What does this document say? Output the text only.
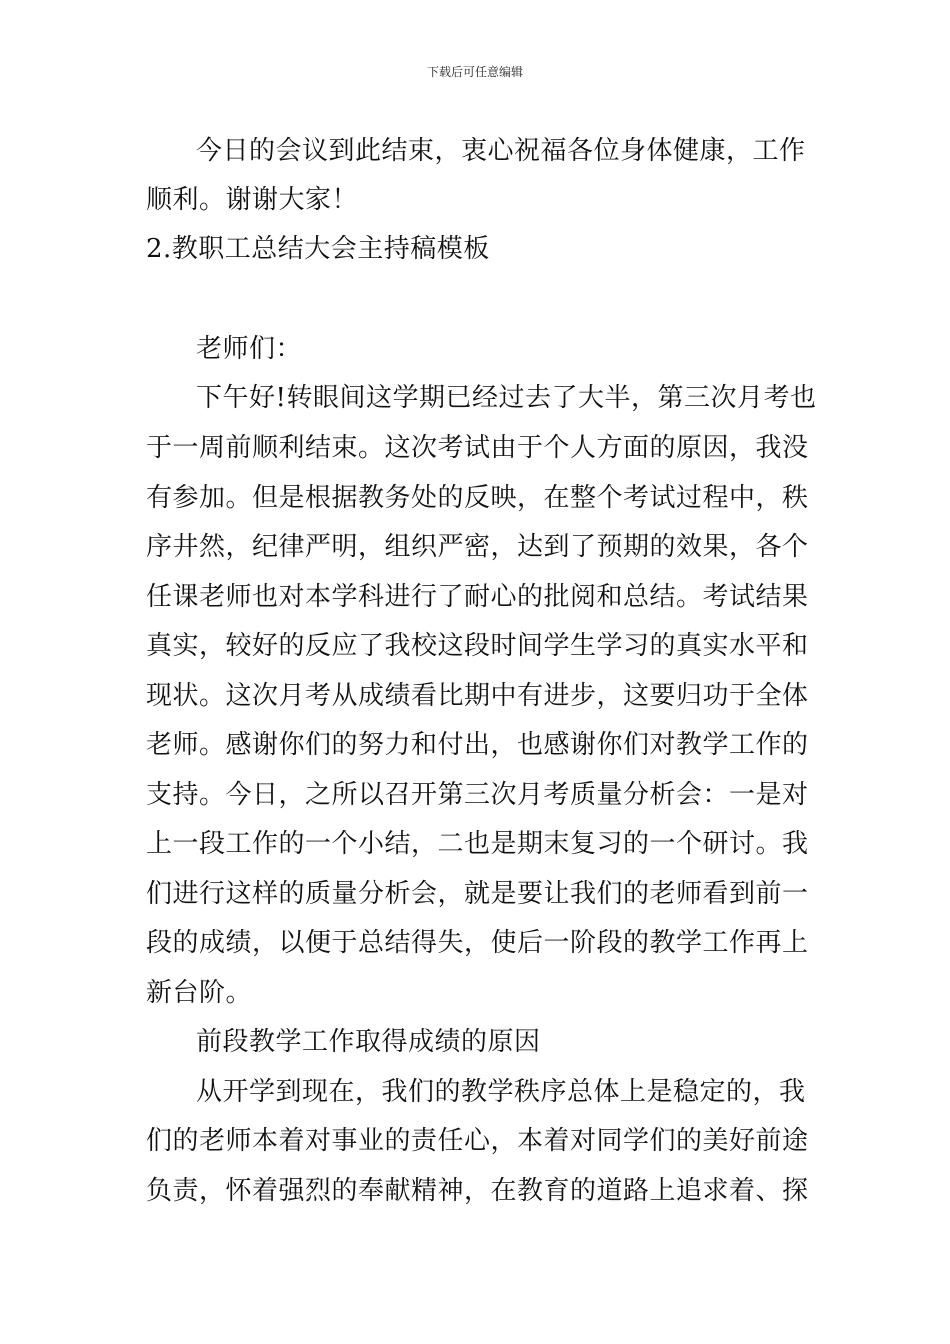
下载后可任意编辑
今日的会议到此结束，衷心祝福各位身体健康，工作
顺利。谢谢大家！
2.教职工总结大会主持稿模板
老师们：
下午好!转眼间这学期已经过去了大半，第三次月考也
于一周前顺利结束。这次考试由于个人方面的原因，我没
有参加。但是根据教务处的反映，在整个考试过程中，秩
序井然，纪律严明，组织严密，达到了预期的效果，各个
任课老师也对本学科进行了耐心的批阅和总结。考试结果
真实，较好的反应了我校这段时间学生学习的真实水平和
现状。这次月考从成绩看比期中有进步，这要归功于全体
老师。感谢你们的努力和付出，也感谢你们对教学工作的
支持。今日，之所以召开第三次月考质量分析会：一是对
上一段工作的一个小结，二也是期末复习的一个研讨。我
们进行这样的质量分析会，就是要让我们的老师看到前一
段的成绩，以便于总结得失，使后一阶段的教学工作再上
新台阶。
前段教学工作取得成绩的原因
从开学到现在，我们的教学秩序总体上是稳定的，我
们的老师本着对事业的责任心，本着对同学们的美好前途
负责，怀着强烈的奉献精神，在教育的道路上追求着、探
